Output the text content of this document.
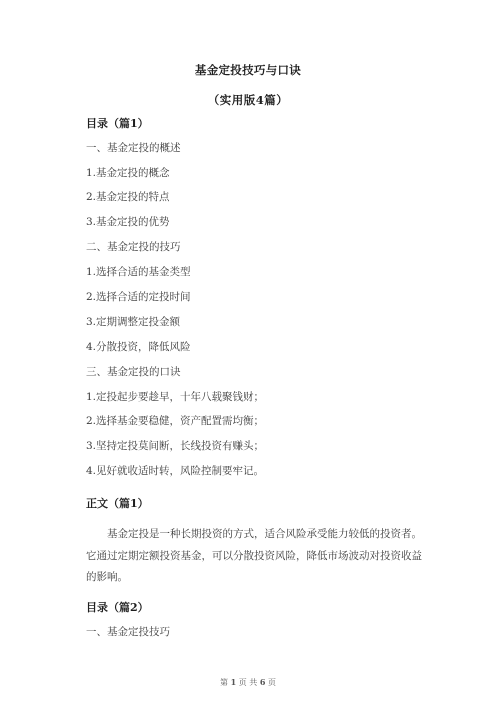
基金定投技巧与口诀
（实用版4篇）
目录（篇1）
一、基金定投的概述
1.基金定投的概念
2.基金定投的特点
3.基金定投的优势
二、基金定投的技巧
1.选择合适的基金类型
2.选择合适的定投时间
3.定期调整定投金额
4.分散投资，降低风险
三、基金定投的口诀
1.定投起步要趁早，十年八载聚钱财；
2.选择基金要稳健，资产配置需均衡；
3.坚持定投莫间断，长线投资有赚头；
4.见好就收适时转，风险控制要牢记。
正文（篇1）
基金定投是一种长期投资的方式，适合风险承受能力较低的投资者。它通过定期定额投资基金，可以分散投资风险，降低市场波动对投资收益的影响。
目录（篇2）
一、基金定投技巧
第 1 页 共 6 页
